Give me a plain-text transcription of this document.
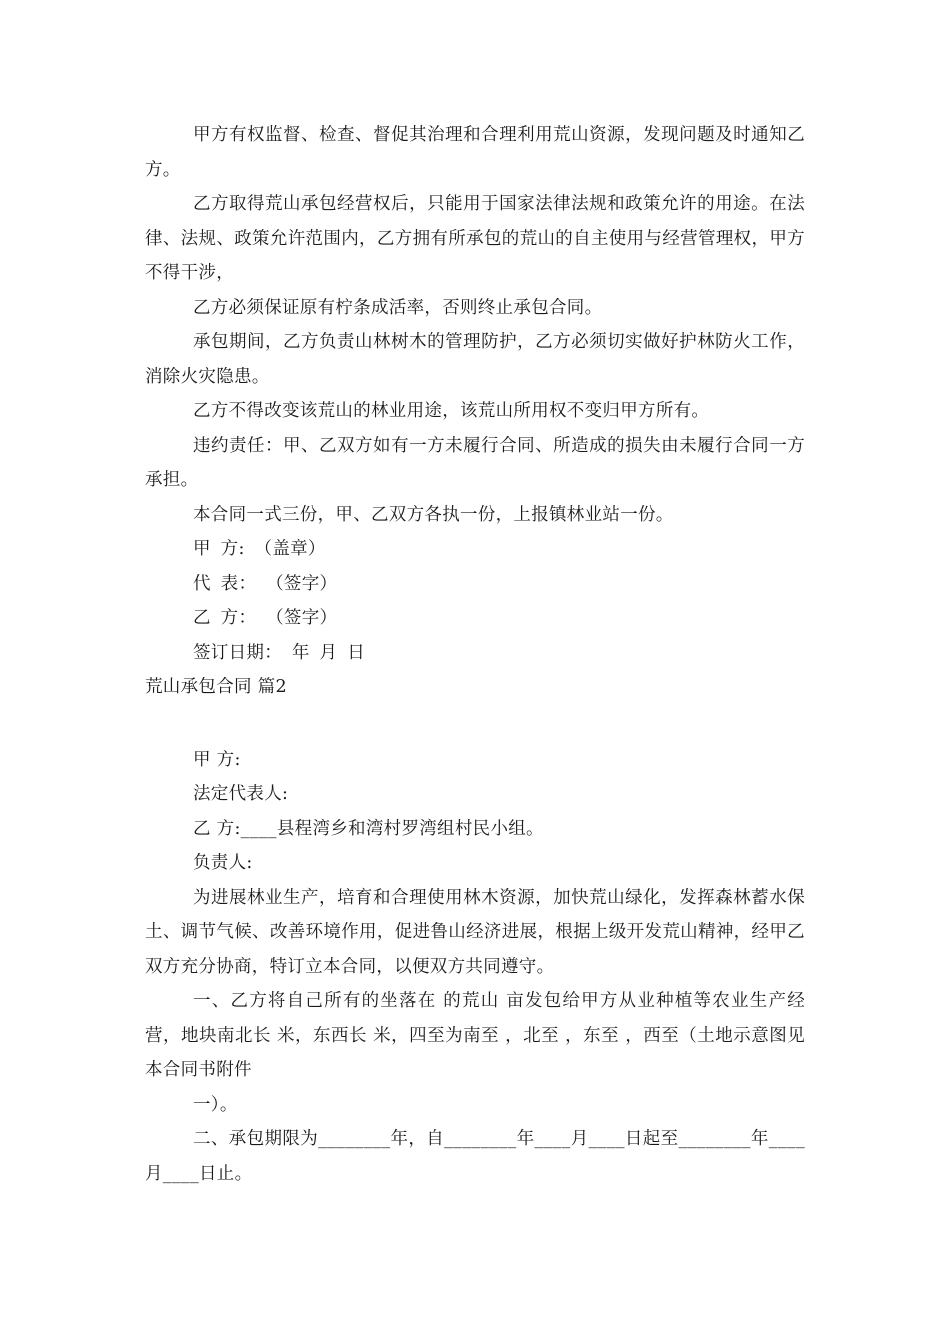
甲方有权监督、检查、督促其治理和合理利用荒山资源，发现问题及时通知乙方。

乙方取得荒山承包经营权后，只能用于国家法律法规和政策允许的用途。在法律、法规、政策允许范围内，乙方拥有所承包的荒山的自主使用与经营管理权，甲方不得干涉，

乙方必须保证原有柠条成活率，否则终止承包合同。

承包期间，乙方负责山林树木的管理防护，乙方必须切实做好护林防火工作，消除火灾隐患。

乙方不得改变该荒山的林业用途，该荒山所用权不变归甲方所有。

违约责任：甲、乙双方如有一方未履行合同、所造成的损失由未履行合同一方承担。

本合同一式三份，甲、乙双方各执一份，上报镇林业站一份。

甲 方: （盖章）

代 表： （签字）

乙 方： （签字）

签订日期： 年 月 日

荒山承包合同 篇2

甲 方:

法定代表人:

乙 方:____县程湾乡和湾村罗湾组村民小组。

负责人:

为进展林业生产，培育和合理使用林木资源，加快荒山绿化，发挥森林蓄水保土、调节气候、改善环境作用，促进鲁山经济进展，根据上级开发荒山精神，经甲乙双方充分协商，特订立本合同，以便双方共同遵守。

一、乙方将自己所有的坐落在 的荒山 亩发包给甲方从业种植等农业生产经营，地块南北长 米，东西长 米，四至为南至 ，北至 ，东至 ，西至（土地示意图见本合同书附件

一）。

二、承包期限为________年，自________年____月____日起至________年____月____日止。
